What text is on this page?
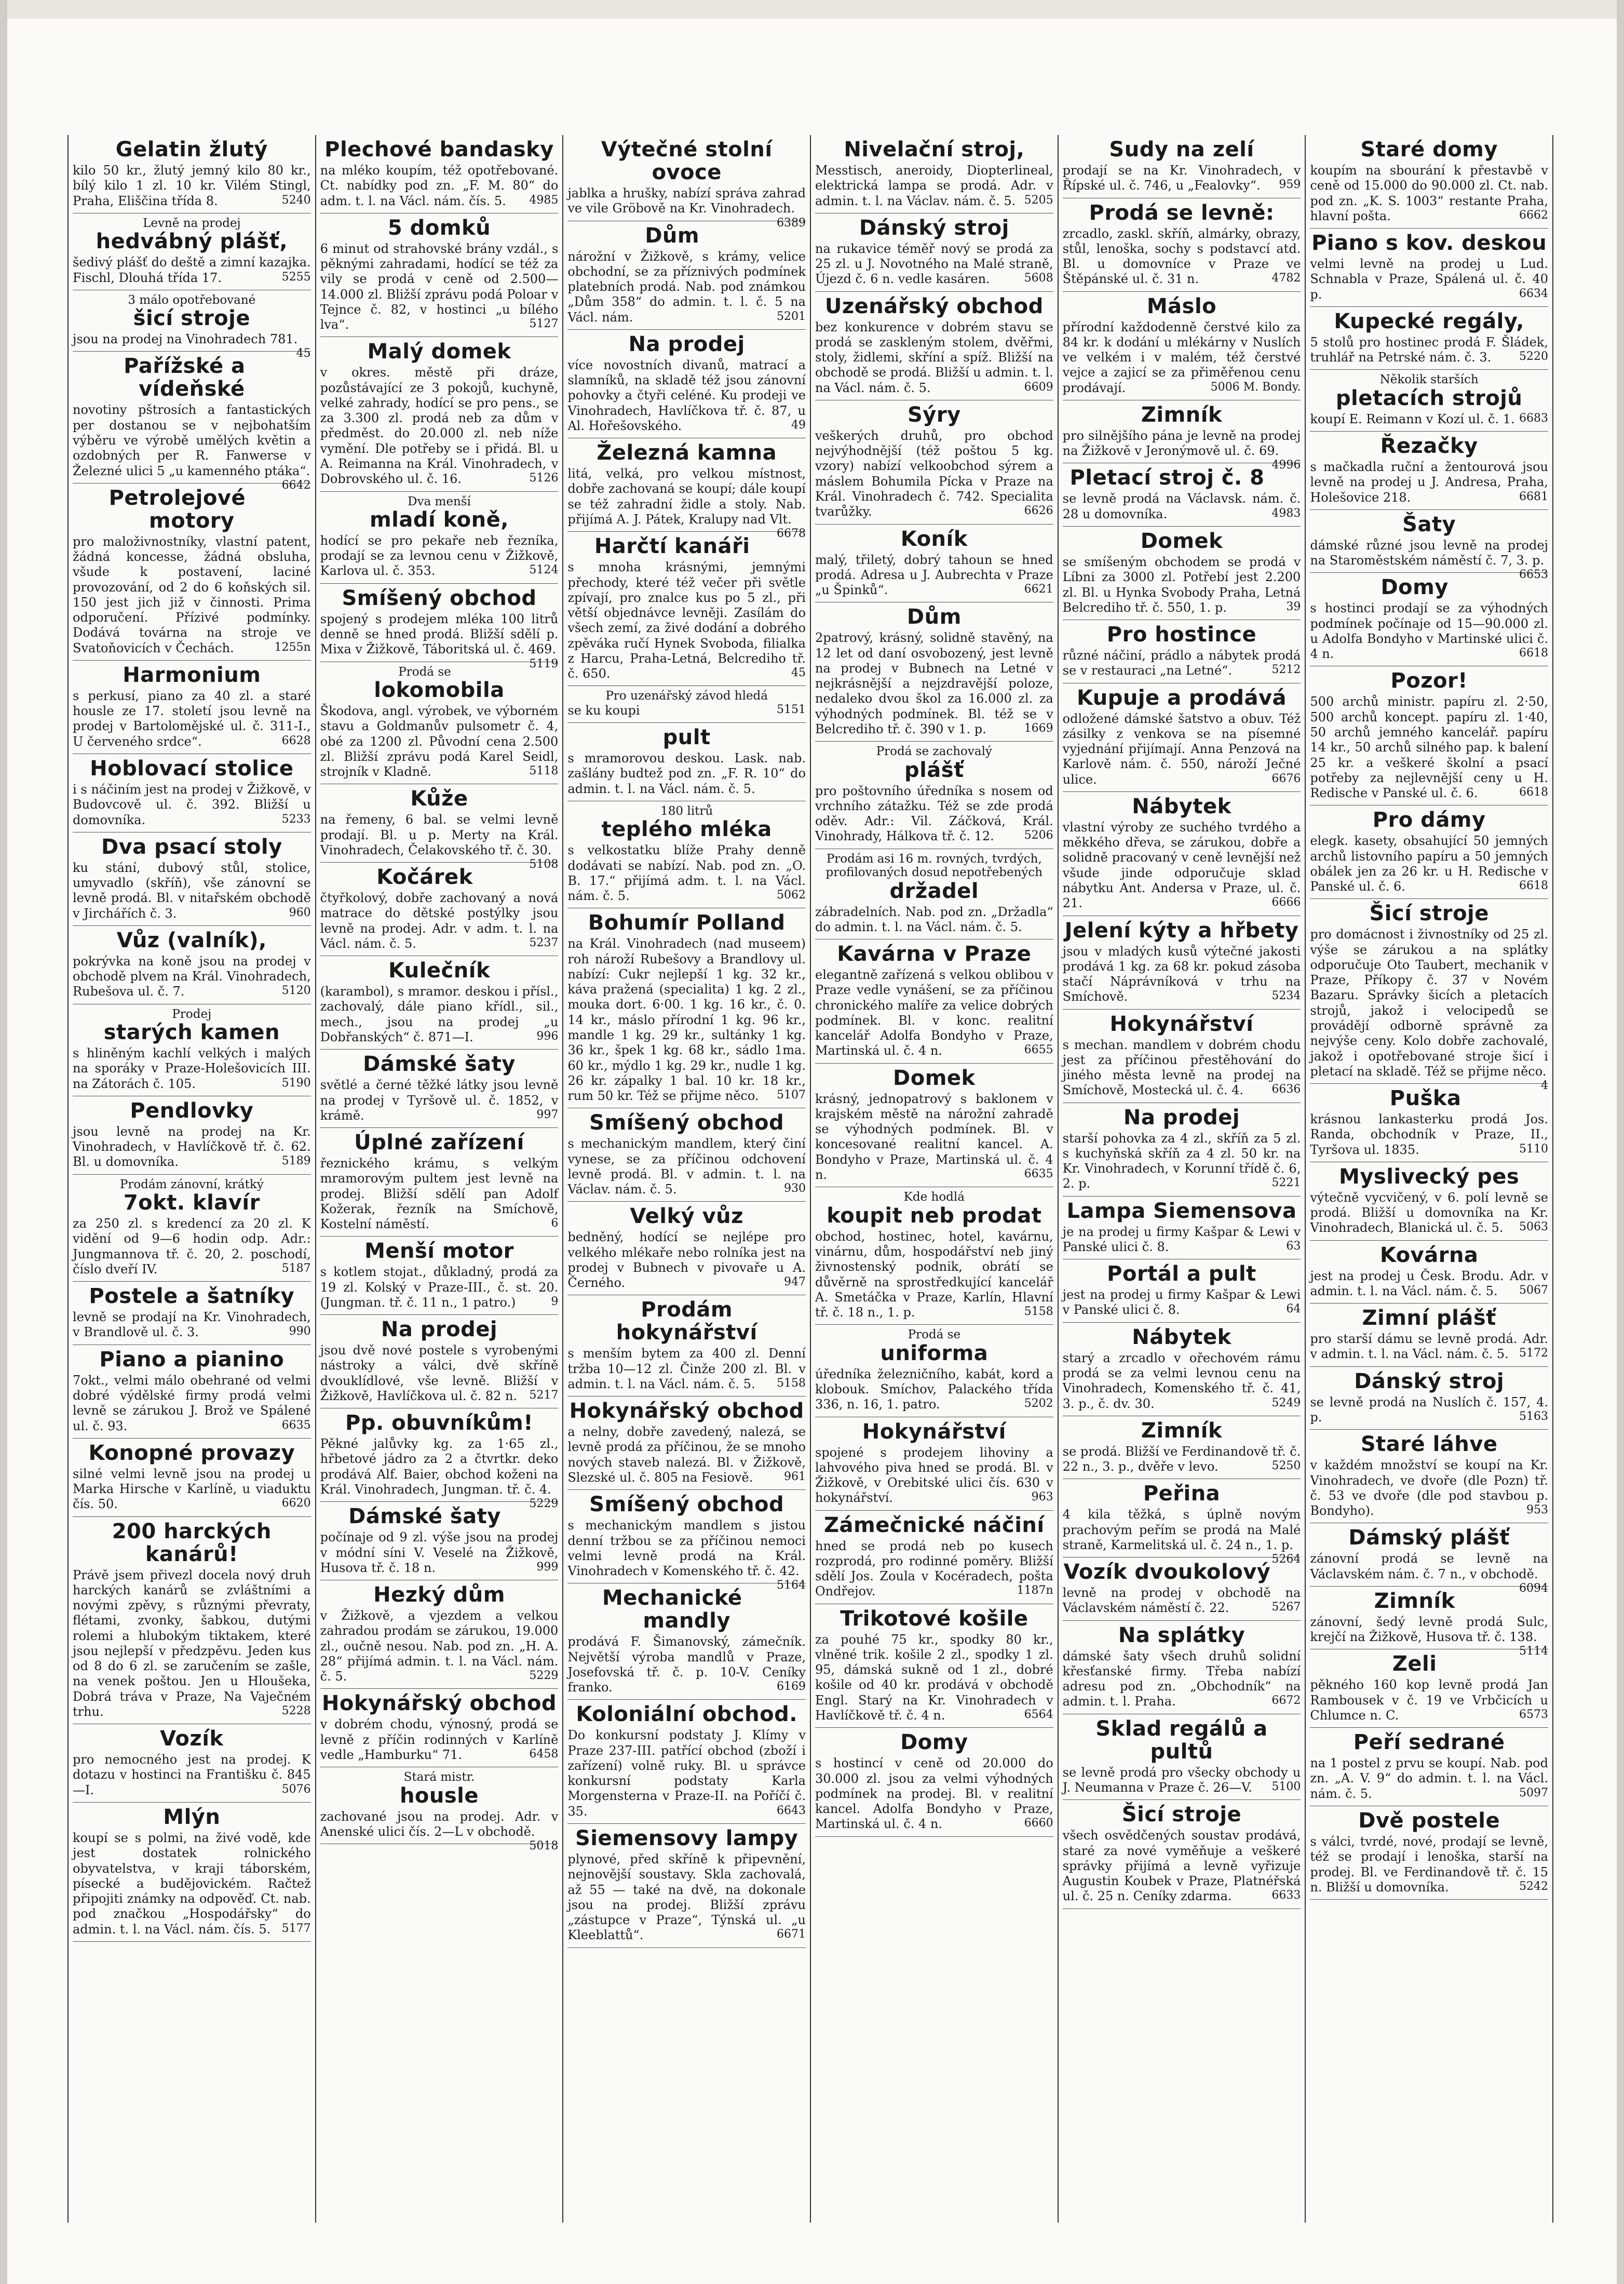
Gelatin žlutý

kilo 50 kr., žlutý jemný kilo 80 kr., bílý kilo 1 zl. 10 kr. Vilém Stingl, Praha, Eliščina třída 8.	5240

Levně na prodej
hedvábný plášť,

šedivý plášť do deště a zimní kazajka. Fischl, Dlouhá třída 17.	5255

3 málo opotřebované
šicí stroje

jsou na prodej na Vinohradech 781.
45

Pařížské a vídeňské

novotiny pštrosích a fantastických per dostanou se v nejbohatším výběru ve výrobě umělých květin a ozdobných per R. Fanwerse v Železné ulici 5 „u kamenného ptáka“.
6642

Petrolejové motory

pro maloživnostníky, vlastní patent, žádná koncesse, žádná obsluha, všude k postavení, laciné provozování, od 2 do 6 koňských sil. 150 jest jich již v činnosti. Prima odporučení. Přízivé podmínky. Dodává továrna na stroje ve Svatoňovicích v Čechách.	1255n

Harmonium

s perkusí, piano za 40 zl. a staré housle ze 17. století jsou levně na prodej v Bartolomějské ul. č. 311-I., U červeného srdce“.	6628

Hoblovací stolice

i s náčiním jest na prodej v Žižkově, v Budovcově ul. č. 392. Bližší u domovníka.	5233

Dva psací stoly

ku stání, dubový stůl, stolice, umyvadlo (skříň), vše zánovní se levně prodá. Bl. v nitařském obchodě v Jirchářích č. 3.	960

Vůz (valník),

pokrývka na koně jsou na prodej v obchodě plvem na Král. Vinohradech, Rubešova ul. č. 7.	5120

Prodej
starých kamen

s hliněným kachlí velkých i malých na sporáky v Praze-Holešovicích III. na Zátorách č. 105.	5190

Pendlovky

jsou levně na prodej na Kr. Vinohradech, v Havlíčkově tř. č. 62. Bl. u domovníka.	5189

Prodám zánovní, krátký
7okt. klavír

za 250 zl. s kredencí za 20 zl. K vidění od 9—6 hodin odp. Adr.: Jungmannova tř. č. 20, 2. poschodí, číslo dveří IV.	5187

Postele a šatníky

levně se prodají na Kr. Vinohradech, v Brandlově ul. č. 3.	990

Piano a pianino

7okt., velmi málo obehrané od velmi dobré výdělské firmy prodá velmi levně se zárukou J. Brož ve Spálené ul. č. 93.	6635

Konopné provazy

silné velmi levně jsou na prodej u Marka Hirsche v Karlíně, u viaduktu čís. 50.	6620

200 harckých kanárů!

Právě jsem přivezl docela nový druh harckých kanárů se zvláštními a novými zpěvy, s různými převraty, flétami, zvonky, šabkou, dutými rolemi a hlubokým tiktakem, které jsou nejlepší v předzpěvu. Jeden kus od 8 do 6 zl. se zaručením se zašle, na venek poštou. Jen u Hloušeka, Dobrá tráva v Praze, Na Vaječném trhu.	5228

Vozík

pro nemocného jest na prodej. K dotazu v hostinci na Františku č. 845—I.	5076

Mlýn

koupí se s polmi, na živé vodě, kde jest dostatek rolnického obyvatelstva, v kraji táborském, písecké a budějovickém. Račtež připojiti známky na odpověď. Ct. nab. pod značkou „Hospodářsky“ do admin. t. l. na Václ. nám. čís. 5. 5177

Plechové bandasky

na mléko koupím, též opotřebované. Ct. nabídky pod zn. „F. M. 80“ do adm. t. l. na Václ. nám. čís. 5. 4985

5 domků

6 minut od strahovské brány vzdál., s pěknými zahradami, hodící se též za vily se prodá v ceně od 2.500—14.000 zl. Bližší zprávu podá Poloar v Tejnce č. 82, v hostinci „u bílého lva“.	5127

Malý domek

v okres. městě při dráze, pozůstávající ze 3 pokojů, kuchyně, velké zahrady, hodící se pro pens., se za 3.300 zl. prodá neb za dům v předměst. do 20.000 zl. neb níže vymění. Dle potřeby se i přidá. Bl. u A. Reimanna na Král. Vinohradech, v Dobrovského ul. č. 16.	5126

Dva menší
mladí koně,

hodící se pro pekaře neb řezníka, prodají se za levnou cenu v Žižkově, Karlova ul. č. 353.	5124

Smíšený obchod

spojený s prodejem mléka 100 litrů denně se hned prodá. Bližší sdělí p. Mixa v Žižkově, Táboritská ul. č. 469.
5119

Prodá se
lokomobila

Škodova, angl. výrobek, ve výborném stavu a Goldmanův pulsometr č. 4, obé za 1200 zl. Původní cena 2.500 zl. Bližší zprávu podá Karel Seidl, strojník v Kladně.	5118

Kůže

na řemeny, 6 bal. se velmi levně prodají. Bl. u p. Merty na Král. Vinohradech, Čelakovského tř. č. 30.
5108

Kočárek

čtyřkolový, dobře zachovaný a nová matrace do dětské postýlky jsou levně na prodej. Adr. v adm. t. l. na Václ. nám. č. 5.	5237

Kulečník

(karambol), s mramor. deskou i přísl., zachovalý, dále piano křídl., sil., mech., jsou na prodej „u Dobřanských“ č. 871—I.	996

Dámské šaty

světlé a černé těžké látky jsou levně na prodej v Tyršově ul. č. 1852, v krámě.	997

Úplné zařízení

řeznického krámu, s velkým mramorovým pultem jest levně na prodej. Bližší sdělí pan Adolf Kožerak, řezník na Smíchově, Kostelní náměstí.	6

Menší motor

s kotlem stojat., důkladný, prodá za 19 zl. Kolský v Praze-III., č. st. 20. (Jungman. tř. č. 11 n., 1 patro.)	9

Na prodej

jsou dvě nové postele s vyrobenými nástroky a válci, dvě skříně dvouklídlové, vše levně. Bližší v Žižkově, Havlíčkova ul. č. 82 n. 5217

Pp. obuvníkům!

Pěkné jalůvky kg. za 1·65 zl., hřbetové jádro za 2 a čtvrtkr. deko prodává Alf. Baier, obchod koženi na Král. Vinohradech, Jungman. tř. č. 4.
5229

Dámské šaty

počínaje od 9 zl. výše jsou na prodej v módní síni V. Veselé na Žižkově, Husova tř. č. 18 n.	999

Hezký dům

v Žižkově, a vjezdem a velkou zahradou prodám se zárukou, 19.000 zl., oučně nesou. Nab. pod zn. „H. A. 28“ přijímá admin. t. l. na Václ. nám. č. 5.	5229

Hokynářský obchod

v dobrém chodu, výnosný, prodá se levně z příčin rodinných v Karlíně vedle „Hamburku“ 71.	6458

Stará mistr.
housle

zachované jsou na prodej. Adr. v Anenské ulici čís. 2—L v obchodě.
5018

Výtečné stolní ovoce

jablka a hrušky, nabízí správa zahrad ve vile Gröbově na Kr. Vinohradech.
6389

Dům

nárožní v Žižkově, s krámy, velice obchodní, se za příznivých podmínek platebních prodá. Nab. pod známkou „Dům 358“ do admin. t. l. č. 5 na Václ. nám.	5201

Na prodej

více novostních divanů, matrací a slamníků, na skladě též jsou zánovní pohovky a čtyři celéné. Ku prodeji ve Vinohradech, Havlíčkova tř. č. 87, u Al. Hořešovského.	49

Železná kamna

litá, velká, pro velkou místnost, dobře zachovaná se koupí; dále koupí se též zahradní židle a stoly. Nab. přijímá A. J. Pátek, Kralupy nad Vlt.
6678

Harčtí kanáři

s mnoha krásnými, jemnými přechody, které též večer při světle zpívají, pro znalce kus po 5 zl., při větší objednávce levněji. Zasílám do všech zemí, za živé dodání a dobrého zpěváka ručí Hynek Svoboda, filialka z Harcu, Praha-Letná, Belcrediho tř. č. 650.	45

Pro uzenářský závod hledá

se ku koupi	5151

pult

s mramorovou deskou. Lask. nab. zašlány budtež pod zn. „F. R. 10“ do admin. t. l. na Václ. nám. č. 5.

180 litrů
teplého mléka

s velkostatku blíže Prahy denně dodávati se nabízí. Nab. pod zn. „O. B. 17.“ přijímá adm. t. l. na Václ. nám. č. 5.	5062

Bohumír Polland

na Král. Vinohradech (nad museem) roh nároží Rubešovy a Brandlovy ul. nabízí: Cukr nejlepší 1 kg. 32 kr., káva pražená (specialita) 1 kg. 2 zl., mouka dort. 6·00. 1 kg. 16 kr., č. 0. 14 kr., máslo přírodní 1 kg. 96 kr., mandle 1 kg. 29 kr., sultánky 1 kg. 36 kr., špek 1 kg. 68 kr., sádlo 1ma. 60 kr., mýdlo 1 kg. 29 kr., nudle 1 kg. 26 kr. zápalky 1 bal. 10 kr. 18 kr., rum 50 kr. Též se přijme něco. 5107

Smíšený obchod

s mechanickým mandlem, který činí vynese, se za příčinou odchovení levně prodá. Bl. v admin. t. l. na Václav. nám. č. 5.	930

Velký vůz

bedněný, hodící se nejlépe pro velkého mlékaře nebo rolníka jest na prodej v Bubnech v pivovaře u A. Černého.	947

Prodám hokynářství

s menším bytem za 400 zl. Denní tržba 10—12 zl. Činže 200 zl. Bl. v admin. t. l. na Václ. nám. č. 5. 5158

Hokynářský obchod

a nelny, dobře zavedený, nalezá, se levně prodá za příčinou, že se mnoho nových staveb nalezá. Bl. v Žižkově, Slezské ul. č. 805 na Fesiově.	961

Smíšený obchod

s mechanickým mandlem s jistou denní tržbou se za příčinou nemoci velmi levně prodá na Král. Vinohradech v Komenského tř. č. 42.
5164

Mechanické mandly

prodává F. Šimanovský, zámečník. Největší výroba mandlů v Praze, Josefovská tř. č. p. 10-V. Ceníky franko.	6169

Koloniální obchod.

Do konkursní podstaty J. Klímy v Praze 237-III. patřící obchod (zboží i zařízení) volně ruky. Bl. u správce konkursní podstaty Karla Morgensterna v Praze-II. na Poříčí č. 35.	6643

Siemensovy lampy

plynové, před skříně k připevnění, nejnovější soustavy. Skla zachovalá, až 55 — také na dvě, na dokonale jsou na prodej. Bližší zprávu „zástupce v Praze“, Týnská ul. „u Kleeblattů“.	6671

Nivelační stroj,

Messtisch, aneroidy, Diopterlineal, elektrická lampa se prodá. Adr. v admin. t. l. na Václav. nám. č. 5. 5205

Dánský stroj

na rukavice téměř nový se prodá za 25 zl. u J. Novotného na Malé straně, Újezd č. 6 n. vedle kasáren.	5608

Uzenářský obchod

bez konkurence v dobrém stavu se prodá se zaskleným stolem, dvěřmi, stoly, židlemi, skříní a spíž. Bližší na obchodě se prodá. Bližší u admin. t. l. na Václ. nám. č. 5.	6609

Sýry

veškerých druhů, pro obchod nejvýhodnější (též poštou 5 kg. vzory) nabízí velkoobchod sýrem a máslem Bohumila Pícka v Praze na Král. Vinohradech č. 742. Specialita tvarůžky.	6626

Koník

malý, třiletý, dobrý tahoun se hned prodá. Adresa u J. Aubrechta v Praze „u Špinků“.	6621

Dům

2patrový, krásný, solidně stavěný, na 12 let od daní osvobozený, jest levně na prodej v Bubnech na Letné v nejkrásnější a nejzdravější poloze, nedaleko dvou škol za 16.000 zl. za výhodných podmínek. Bl. též se v Belcrediho tř. č. 390 v 1. p.	1669

Prodá se zachovalý
plášť

pro poštovního úředníka s nosem od vrchního zátažku. Též se zde prodá oděv. Adr.: Vil. Záčková, Král. Vinohrady, Hálkova tř. č. 12.	5206

Prodám asi 16 m. rovných, tvrdých, profilovaných dosud nepotřebených
držadel

zábradelních. Nab. pod zn. „Držadla“ do admin. t. l. na Václ. nám. č. 5.

Kavárna v Praze

elegantně zařízená s velkou oblibou v Praze vedle vynášení, se za příčinou chronického malíře za velice dobrých podmínek. Bl. v konc. realitní kancelář Adolfa Bondyho v Praze, Martinská ul. č. 4 n.	6655

Domek

krásný, jednopatrový s baklonem v krajském městě na nárožní zahradě se výhodných podmínek. Bl. v koncesované realitní kancel. A. Bondyho v Praze, Martinská ul. č. 4 n.	6635

Kde hodlá
koupit neb prodat

obchod, hostinec, hotel, kavárnu, vinárnu, dům, hospodářství neb jiný živnostenský podnik, obrátí se důvěrně na sprostředkující kancelář A. Smetáčka v Praze, Karlín, Hlavní tř. č. 18 n., 1. p.	5158

Prodá se
uniforma

úředníka železničního, kabát, kord a klobouk. Smíchov, Palackého třída 336, n. 16, 1. patro.	5202

Hokynářství

spojené s prodejem lihoviny a lahvového piva hned se prodá. Bl. v Žižkově, v Orebitské ulici čís. 630 v hokynářství.	963

Zámečnické náčiní

hned se prodá neb po kusech rozprodá, pro rodinné poměry. Bližší sdělí Jos. Zoula v Kocéradech, pošta Ondřejov.	1187n

Trikotové košile

za pouhé 75 kr., spodky 80 kr., vlněné trik. košile 2 zl., spodky 1 zl. 95, dámská sukně od 1 zl., dobré košile od 40 kr. prodává v obchodě Engl. Starý na Kr. Vinohradech v Havlíčkově tř. č. 4 n.	6564

Domy

s hostincí v ceně od 20.000 do 30.000 zl. jsou za velmi výhodných podmínek na prodej. Bl. v realitní kancel. Adolfa Bondyho v Praze, Martinská ul. č. 4 n.	6660

Sudy na zelí

prodají se na Kr. Vinohradech, v Řípské ul. č. 746, u „Fealovky“. 959

Prodá se levně:

zrcadlo, zaskl. skříň, almárky, obrazy, stůl, lenoška, sochy s podstavcí atd. Bl. u domovníce v Praze ve Štěpánské ul. č. 31 n.	4782

Máslo

přírodní každodenně čerstvé kilo za 84 kr. k dodání u mlékárny v Nuslích ve velkém i v malém, též čerstvé vejce a zajicí se za přiměřenou cenu prodávají.	5006 M. Bondy.

Zimník

pro silnějšího pána je levně na prodej na Žižkově v Jeronýmově ul. č. 69.
4996

Pletací stroj č. 8

se levně prodá na Václavsk. nám. č. 28 u domovníka.	4983

Domek

se smíšeným obchodem se prodá v Líbni za 3000 zl. Potřebí jest 2.200 zl. Bl. u Hynka Svobody Praha, Letná Belcrediho tř. č. 550, 1. p.	39

Pro hostince

různé náčiní, prádlo a nábytek prodá se v restauraci „na Letné“.	5212

Kupuje a prodává

odložené dámské šatstvo a obuv. Též zásilky z venkova se na písemné vyjednání přijímají. Anna Penzová na Karlově nám. č. 550, nároží Ječné ulice.	6676

Nábytek

vlastní výroby ze suchého tvrdého a měkkého dřeva, se zárukou, dobře a solidně pracovaný v ceně levnější než všude jinde odporučuje sklad nábytku Ant. Andersa v Praze, ul. č. 21.	6666

Jelení kýty a hřbety

jsou v mladých kusů výtečné jakosti prodává 1 kg. za 68 kr. pokud zásoba stačí Náprávníková v trhu na Smíchově.	5234

Hokynářství

s mechan. mandlem v dobrém chodu jest za příčinou přestěhování do jiného města levně na prodej na Smíchově, Mostecká ul. č. 4. 6636

Na prodej

starší pohovka za 4 zl., skříň za 5 zl. s kuchyňská skříň za 4 zl. 50 kr. na Kr. Vinohradech, v Korunní třídě č. 6, 2. p.	5221

Lampa Siemensova

je na prodej u firmy Kašpar & Lewi v Panské ulici č. 8.	63

Portál a pult

jest na prodej u firmy Kašpar & Lewi v Panské ulici č. 8.	64

Nábytek

starý a zrcadlo v ořechovém rámu prodá se za velmi levnou cenu na Vinohradech, Komenského tř. č. 41, 3. p., č. dv. 30.	5249

Zimník

se prodá. Bližší ve Ferdinandově tř. č. 22 n., 3. p., dvěře v levo.	5250

Peřina

4 kila těžká, s úplně novým prachovým peřím se prodá na Malé straně, Karmelitská ul. č. 24 n., 1. p.
5264

Vozík dvoukolový

levně na prodej v obchodě na Václavském náměstí č. 22.	5267

Na splátky

dámské šaty všech druhů solidní křesťanské firmy. Třeba nabízí adresu pod zn. „Obchodník“ na admin. t. l. Praha.	6672

Sklad regálů a pultů

se levně prodá pro všecky obchody u J. Neumanna v Praze č. 26—V. 5100

Šicí stroje

všech osvědčených soustav prodává, staré za nové vyměňuje a veškeré správky přijímá a levně vyřizuje Augustin Koubek v Praze, Platnéřská ul. č. 25 n. Ceníky zdarma.	6633

Staré domy

koupím na sbourání k přestavbě v ceně od 15.000 do 90.000 zl. Ct. nab. pod zn. „K. S. 1003“ restante Praha, hlavní pošta.	6662

Piano s kov. deskou

velmi levně na prodej u Lud. Schnabla v Praze, Spálená ul. č. 40 p.	6634

Kupecké regály,

5 stolů pro hostinec prodá F. Šládek, truhlář na Petrské nám. č. 3. 5220

Několik starších
pletacích strojů

koupí E. Reimann v Kozí ul. č. 1. 6683

Řezačky

s mačkadla ruční a žentourová jsou levně na prodej u J. Andresa, Praha, Holešovice 218.	6681

Šaty

dámské různé jsou levně na prodej na Staroměstském náměstí č. 7, 3. p.
6653

Domy

s hostinci prodají se za výhodných podmínek počínaje od 15—90.000 zl. u Adolfa Bondyho v Martinské ulici č. 4 n.	6618

Pozor!

500 archů ministr. papíru zl. 2·50, 500 archů koncept. papíru zl. 1·40, 50 archů jemného kancelář. papíru 14 kr., 50 archů silného pap. k balení 25 kr. a veškeré školní a psací potřeby za nejlevnější ceny u H. Redische v Panské ul. č. 6.	6618

Pro dámy

elegk. kasety, obsahující 50 jemných archů listovního papíru a 50 jemných obálek jen za 26 kr. u H. Redische v Panské ul. č. 6.	6618

Šicí stroje

pro domácnost i živnostníky od 25 zl. výše se zárukou a na splátky odporučuje Oto Taubert, mechanik v Praze, Příkopy č. 37 v Novém Bazaru. Správky šicích a pletacích strojů, jakož i velocipedů se provádějí odborně správně za nejvýše ceny. Kolo dobře zachovalé, jakož i opotřebované stroje šicí i pletací na skladě. Též se přijme něco.
4

Puška

krásnou lankasterku prodá Jos. Randa, obchodník v Praze, II., Tyršova ul. 1835.	5110

Myslivecký pes

výtečně vycvičený, v 6. polí levně se prodá. Bližší u domovníka na Kr. Vinohradech, Blanická ul. č. 5. 5063

Kovárna

jest na prodej u Česk. Brodu. Adr. v admin. t. l. na Václ. nám. č. 5. 5067

Zimní plášť

pro starší dámu se levně prodá. Adr. v admin. t. l. na Václ. nám. č. 5. 5172

Dánský stroj

se levně prodá na Nuslích č. 157, 4. p.	5163

Staré láhve

v každém množství se koupí na Kr. Vinohradech, ve dvoře (dle Pozn) tř. č. 53 ve dvoře (dle pod stavbou p. Bondyho).	953

Dámský plášť

zánovní prodá se levně na Václavském nám. č. 7 n., v obchodě.
6094

Zimník

zánovní, šedý levně prodá Sulc, krejčí na Žižkově, Husova tř. č. 138.
5114

Zeli

pěkného 160 kop levně prodá Jan Rambousek v č. 19 ve Vrbčicích u Chlumce n. C.	6573

Peří sedrané

na 1 postel z prvu se koupí. Nab. pod zn. „A. V. 9“ do admin. t. l. na Václ. nám. č. 5.	5097

Dvě postele

s válci, tvrdé, nové, prodají se levně, též se prodají i lenoška, starší na prodej. Bl. ve Ferdinandově tř. č. 15 n. Bližší u domovníka.	5242
